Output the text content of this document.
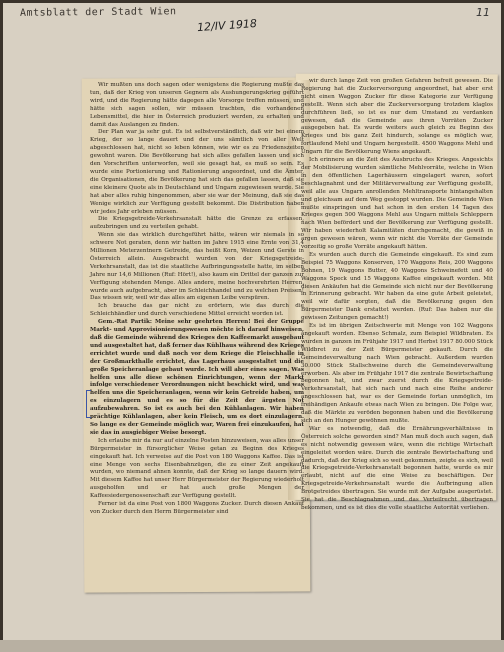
Amtsblatt der Stadt Wien
12/IV 1918
11

Wir mußten uns doch sagen oder wenigstens die Regierung mußte das tun, daß der Krieg von unseren Gegnern als Aushungerungskrieg geführt wird, und die Regierung hätte dagegen alle Vorsorge treffen müssen, und hätte sich sagen sollen, wir müssen trachten, die vorhandenen Lebensmittel, die hier in Österreich produziert werden, zu erhalten und damit das Auslangen zu finden.

Der Plan war ja sehr gut. Es ist selbstverständlich, daß wir bei einem Krieg, der so lange dauert und der uns sämtlich von aller Welt abgeschlossen hat, nicht so leben können, wie wir es zu Friedenszeiten gewohnt waren. Die Bevölkerung hat sich alles gefallen lassen und sich den Vorschriften unterworfen, weil sie gesagt hat, es muß so sein. Es wurde eine Portionierung und Rationierung angeordnet, und die Ämter, die Organisationen, die Bevölkerung hat sich das gefallen lassen, daß sie eine kleinere Quote als in Deutschland und Ungarn zugewiesen wurde. Sie hat aber alles ruhig hingenommen, aber sie war der Meinung, daß sie das Wenige wirklich zur Verfügung gestellt bekommt. Die Distribution haben wir jedes Jahr erleben müssen.

Die Kriegsgetreide-Verkehrsanstalt hätte die Grenze zu erfassen, aufzubringen und zu verteilen gehabt.

Wenn sie das wirklich durchgeführt hätte, wären wir niemals in so schwere Not geraten, denn wir hatten im Jahre 1915 eine Ernte von 31,4 Millionen Meterzentnern Getreide, das heißt Korn, Weizen und Gerste in Österreich allein. Ausgebracht wurden von der Kriegsgetreide-Verkehrsanstalt, das ist die staatliche Aufbringungsstelle hatte, im selben Jahre nur 14,6 Millionen (Ruf: Hört!), also kaum ein Drittel der ganzen zur Verfügung stehenden Menge. Alles andere, meine hochverehrten Herren, wurde auch aufgebracht, aber im Schleichhandel und zu welchen Preisen! Das wissen wir, weil wir das alles am eigenen Leibe verspüren.

Ich brauche das gar nicht zu erörtern, wie das durch die Schleichhändler und durch verschiedene Mittel erreicht worden ist.

Gem.-Rat Partik: Meine sehr geehrten Herren! Bei der Gruppe Markt- und Approvisionierungswesen möchte ich darauf hinweisen, daß die Gemeinde während des Krieges den Kaffeemarkt ausgebaut und ausgestaltet hat, daß ferner das Kühlhaus während des Krieges errichtet wurde und daß noch vor dem Kriege die Fleischhalle in der Großmarkthalle errichtet, das Lagerhaus ausgestaltet und die große Speicheranlage gebaut wurde. Ich will aber eines sagen. Was helfen uns alle diese schönen Einrichtungen, wenn der Markt infolge verschiedener Verordnungen nicht beschickt wird, und was helfen uns die Speicheranlagen, wenn wir kein Getreide haben, um es einzulagern und es so für die Zeit der ärgsten Not aufzubewahren. So ist es auch bei den Kühlanlagen. Wir haben prächtige Kühlanlagen, aber kein Fleisch, um es dort einzulagern. So lange es der Gemeinde möglich war, Waren frei einzukaufen, hat sie das in ausgiebiger Weise besorgt.

Ich erlaube mir da nur auf einzelne Posten hinzuweisen, was alles unser Bürgermeister in fürsorglicher Weise getan zu Beginn des Krieges eingekauft hat. Ich verweise auf die Post von 180 Waggons Kaffee. Das ist eine Menge von sechs Eisenbahnzügen, die zu einer Zeit angekauft wurden, wo niemand ahnen konnte, daß der Krieg so lange dauern wird. Mit diesem Kaffee hat unser Herr Bürgermeister der Regierung wiederholt ausgeholfen und er hat auch große Mengen der Kaffeesiedergenossenschaft zur Verfügung gestellt.

Ferner ist da eine Post von 1800 Waggons Zucker. Durch diesen Ankauf von Zucker durch den Herrn Bürgermeister sind

wir durch lange Zeit von großen Gefahren befreit gewesen. Die Regierung hat die Zuckerversorgung angeordnet, hat aber erst nicht einen Waggon Zucker für diese Kategorie zur Verfügung gestellt. Wenn sich aber die Zuckerversorgung trotzdem klaglos durchführen ließ, so ist es nur dem Umstand zu verdanken gewesen, daß die Gemeinde aus ihren Vorräten Zucker ausgegeben hat. Es wurde weiters auch gleich zu Beginn des Krieges und bis ganz Zeit hindurch, solange es möglich war, fortlaufend Mehl und Ungarn hergestellt. 4500 Waggons Mehl und Ungarn für die Bevölkerung Wiens angekauft.

Ich erinnere an die Zeit des Ausbruchs des Krieges. Angesichts der Mobilisierung wurden sämtliche Mehlvorräte, welche in Wien in den öffentlichen Lagerhäusern eingelagert waren, sofort beschlagnahmt und der Militärverwaltung zur Verfügung gestellt, weil alle aus Ungarn anrollenden Mehltransporte hintangehalten und gleichsam auf dem Weg gestoppt wurden. Die Gemeinde Wien mußte einspringen und hat schon in den ersten 14 Tagen des Krieges gegen 500 Waggons Mehl aus Ungarn mittels Schleppern nach Wien befördert und der Bevölkerung zur Verfügung gestellt. Wir haben wiederholt Kalamitäten durchgemacht, die gewiß in argen gewesen wären, wenn wir nicht die Vorräte der Gemeinde vorzeitig so große Vorräte angekauft hätten.

Es wurden auch durch die Gemeinde eingekauft. Es sind zum Beispiel 75 Waggons Konserven, 170 Waggons Reis, 200 Waggons Bohnen, 19 Waggons Butter, 40 Waggons Schweinefett und 40 Waggons Speck und 15 Waggons Kaffee eingekauft worden. Mit diesen Ankäufen hat die Gemeinde sich nicht nur der Bevölkerung in Erinnerung gebracht. Wir haben da eine gute Arbeit geleistet, weil wir dafür sorgten, daß die Bevölkerung gegen den Bürgermeister Dank erstattet werden. (Ruf: Das haben nur die gewissen Zeitungen gemacht!)

Es ist im übrigen Zeitschwerte mit Menge von 102 Waggons angekauft worden. Ebenso Schmalz, zum Beispiel Wildbraten. Es wurden in ganzen im Frühjahr 1917 und Herbst 1917 80.000 Stück Wildbret zu der Zeit Bürgermeister gekauft. Durch die Gemeindeverwaltung nach Wien gebracht. Außerdem wurden 30.000 Stück Stallschweine durch die Gemeindeverwaltung erworben. Als aber im Frühjahr 1917 die zentrale Bewirtschaftung begonnen hat, und zwar zuerst durch die Kriegsgetreide-Verkehrsanstalt, hat sich nach und nach eine Reihe anderer angeschlossen hat, war es der Gemeinde fortan unmöglich, im freihändigen Ankaufe etwas nach Wien zu bringen. Die Folge war, daß die Märkte zu veröden begonnen haben und die Bevölkerung sich an den Hunger gewöhnen mußte.

War es notwendig, daß die Ernährungsverhältnisse in Österreich solche geworden sind? Man muß doch auch sagen, daß es nicht notwendig gewesen wäre, wenn die richtige Wirtschaft eingeleitet worden wäre. Durch die zentrale Bewirtschaftung und dadurch, daß der Krieg sich so weit gekommen, zeigte es sich, weil die Kriegsgetreide-Verkehrsanstalt begonnen hatte, wurde es mir erlaubt, nicht auf die eine Weise zu beschäftigen. Der Kriegsgetreide-Verkehrsanstalt wurde die Aufbringung allen Brotgetreides übertragen. Sie wurde mit der Aufgabe ausgerüstet. Sie hat die Beschlagnahmen und das Verteilrecht übertragen bekommen, und es ist dies die volle staatliche Autorität verliehen.
